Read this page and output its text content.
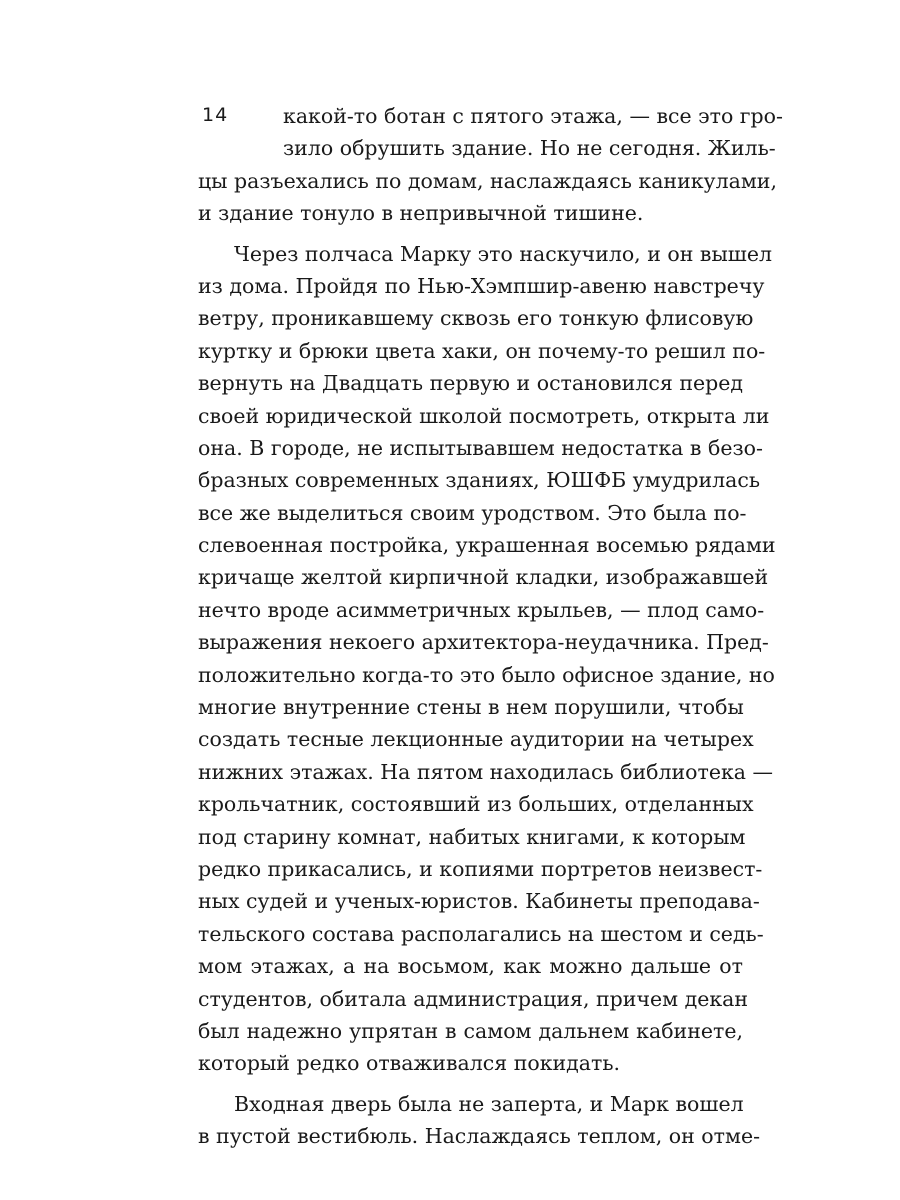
14	какой-то ботан с пятого этажа, — все это гро-
зило обрушить здание. Но не сегодня. Жиль-
цы разъехались по домам, наслаждаясь каникулами,
и здание тонуло в непривычной тишине.
Через полчаса Марку это наскучило, и он вышел
из дома. Пройдя по Нью-Хэмпшир-авеню навстречу
ветру, проникавшему сквозь его тонкую флисовую
куртку и брюки цвета хаки, он почему-то решил по-
вернуть на Двадцать первую и остановился перед
своей юридической школой посмотреть, открыта ли
она. В городе, не испытывавшем недостатка в безо-
бразных современных зданиях, ЮШФБ умудрилась
все же выделиться своим уродством. Это была по-
слевоенная постройка, украшенная восемью рядами
кричаще желтой кирпичной кладки, изображавшей
нечто вроде асимметричных крыльев, — плод само-
выражения некоего архитектора-неудачника. Пред-
положительно когда-то это было офисное здание, но
многие внутренние стены в нем порушили, чтобы
создать тесные лекционные аудитории на четырех
нижних этажах. На пятом находилась библиотека —
крольчатник, состоявший из больших, отделанных
под старину комнат, набитых книгами, к которым
редко прикасались, и копиями портретов неизвест-
ных судей и ученых-юристов. Кабинеты преподава-
тельского состава располагались на шестом и седь-
мом этажах, а на восьмом, как можно дальше от
студентов, обитала администрация, причем декан
был надежно упрятан в самом дальнем кабинете,
который редко отваживался покидать.
Входная дверь была не заперта, и Марк вошел
в пустой вестибюль. Наслаждаясь теплом, он отме-
